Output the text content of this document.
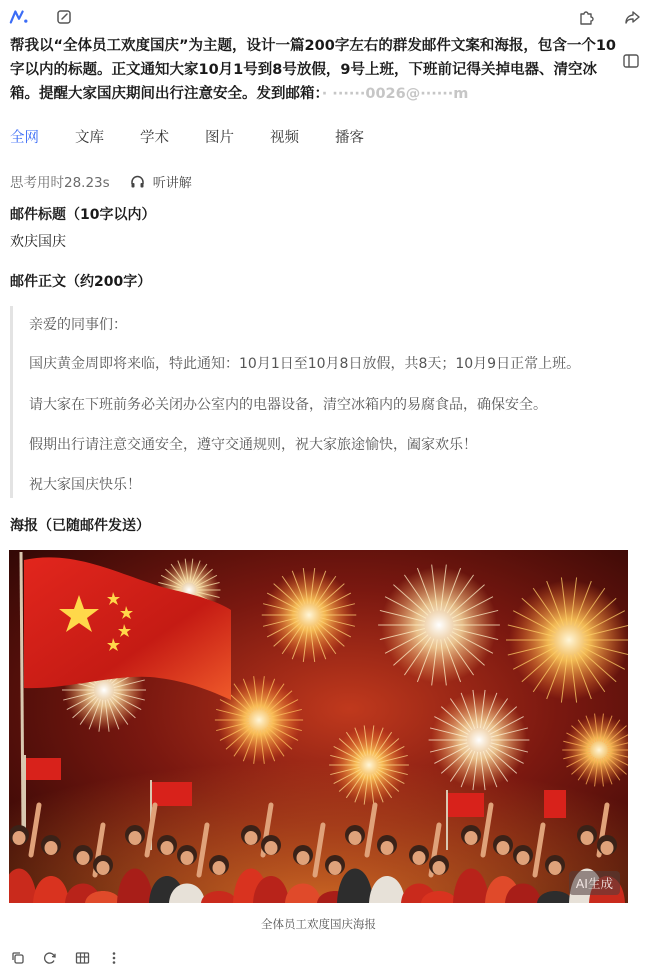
帮我以“全体员工欢度国庆”为主题，设计一篇200字左右的群发邮件文案和海报，包含一个10字以内的标题。正文通知大家10月1号到8号放假，9号上班，下班前记得关掉电器、清空冰箱。提醒大家国庆期间出行注意安全。发到邮箱：· ······0026@······m
全网 文库 学术 图片 视频 播客
思考用时28.23s	听讲解
邮件标题（10字以内）
欢庆国庆
邮件正文（约200字）

亲爱的同事们：

国庆黄金周即将来临，特此通知：10月1日至10月8日放假，共8天；10月9日正常上班。

请大家在下班前务必关闭办公室内的电器设备，清空冰箱内的易腐食品，确保安全。

假期出行请注意交通安全，遵守交通规则，祝大家旅途愉快，阖家欢乐！

祝大家国庆快乐！

海报（已随邮件发送）
AI生成
全体员工欢度国庆海报
